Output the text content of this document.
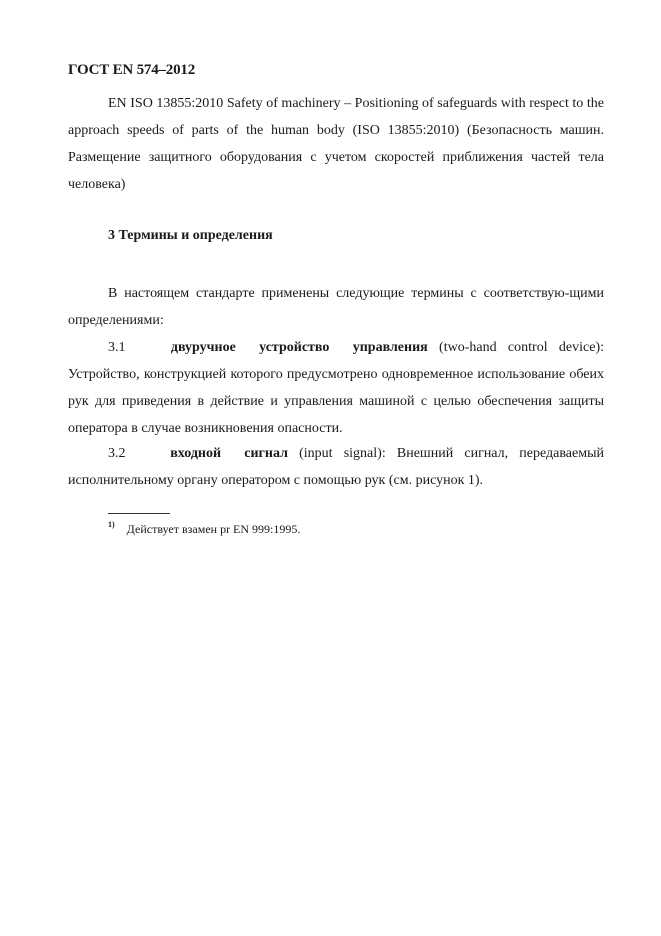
ГОСТ EN 574–2012

EN ISO 13855:2010 Safety of machinery – Positioning of safeguards with respect to the approach speeds of parts of the human body (ISO 13855:2010) (Безопасность машин. Размещение защитного оборудования с учетом скоростей приближения частей тела человека)

3 Термины и определения

В настоящем стандарте применены следующие термины с соответствую-щими определениями:

3.1	двуручное устройство управления (two-hand control device): Устройство, конструкцией которого предусмотрено одновременное использование обеих рук для приведения в действие и управления машиной с целью обеспечения защиты оператора в случае возникновения опасности.

3.2	входной сигнал (input signal): Внешний сигнал, передаваемый исполнительному органу оператором с помощью рук (см. рисунок 1).

$^{1)}$ Действует взамен pr EN 999:1995.
